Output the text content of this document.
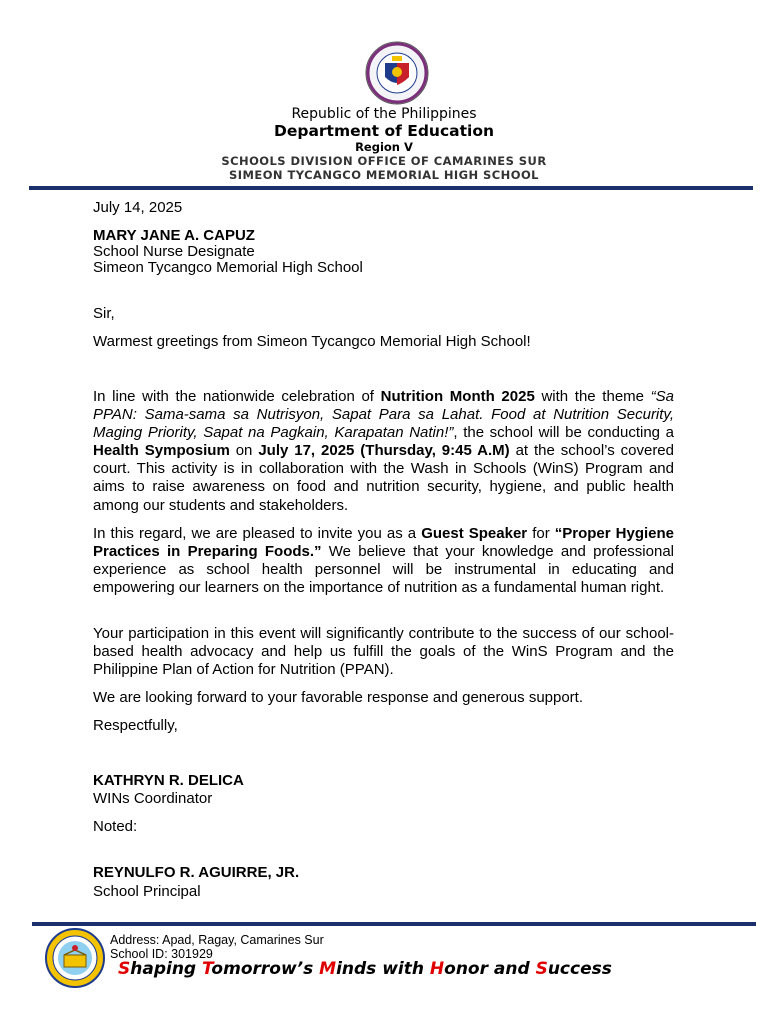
Republic of the Philippines
Department of Education
Region V
SCHOOLS DIVISION OFFICE OF CAMARINES SUR
SIMEON TYCANGCO MEMORIAL HIGH SCHOOL
July 14, 2025
MARY JANE A. CAPUZ
School Nurse Designate
Simeon Tycangco Memorial High School
Sir,
Warmest greetings from Simeon Tycangco Memorial High School!
In line with the nationwide celebration of Nutrition Month 2025 with the theme “Sa PPAN: Sama-sama sa Nutrisyon, Sapat Para sa Lahat. Food at Nutrition Security, Maging Priority, Sapat na Pagkain, Karapatan Natin!”, the school will be conducting a Health Symposium on July 17, 2025 (Thursday, 9:45 A.M) at the school’s covered court. This activity is in collaboration with the Wash in Schools (WinS) Program and aims to raise awareness on food and nutrition security, hygiene, and public health among our students and stakeholders.
In this regard, we are pleased to invite you as a Guest Speaker for “Proper Hygiene Practices in Preparing Foods.” We believe that your knowledge and professional experience as school health personnel will be instrumental in educating and empowering our learners on the importance of nutrition as a fundamental human right.
Your participation in this event will significantly contribute to the success of our school-based health advocacy and help us fulfill the goals of the WinS Program and the Philippine Plan of Action for Nutrition (PPAN).
We are looking forward to your favorable response and generous support.
Respectfully,
KATHRYN R. DELICA
WINs Coordinator
Noted:
REYNULFO R. AGUIRRE, JR.
School Principal
Address: Apad, Ragay, Camarines Sur
School ID: 301929
Shaping Tomorrow’s Minds with Honor and Success
